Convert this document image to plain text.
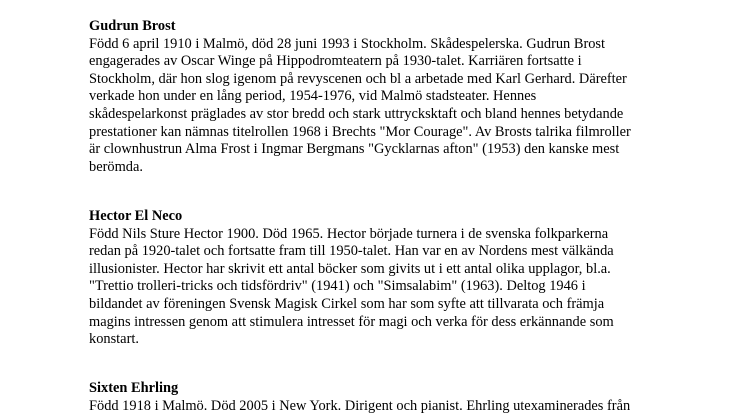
Gudrun Brost
Född 6 april 1910 i Malmö, död 28 juni 1993 i Stockholm. Skådespelerska. Gudrun Brost
engagerades av Oscar Winge på Hippodromteatern på 1930-talet. Karriären fortsatte i
Stockholm, där hon slog igenom på revyscenen och bl a arbetade med Karl Gerhard. Därefter
verkade hon under en lång period, 1954-1976, vid Malmö stadsteater. Hennes
skådespelarkonst präglades av stor bredd och stark uttrycksktaft och bland hennes betydande
prestationer kan nämnas titelrollen 1968 i Brechts "Mor Courage". Av Brosts talrika filmroller
är clownhustrun Alma Frost i Ingmar Bergmans "Gycklarnas afton" (1953) den kanske mest
berömda.
Hector El Neco
Född Nils Sture Hector 1900. Död 1965. Hector började turnera i de svenska folkparkerna
redan på 1920-talet och fortsatte fram till 1950-talet. Han var en av Nordens mest välkända
illusionister. Hector har skrivit ett antal böcker som givits ut i ett antal olika upplagor, bl.a.
"Trettio trolleri-tricks och tidsfördriv" (1941) och "Simsalabim" (1963). Deltog 1946 i
bildandet av föreningen Svensk Magisk Cirkel som har som syfte att tillvarata och främja
magins intressen genom att stimulera intresset för magi och verka för dess erkännande som
konstart.
Sixten Ehrling
Född 1918 i Malmö. Död 2005 i New York. Dirigent och pianist. Ehrling utexaminerades från
